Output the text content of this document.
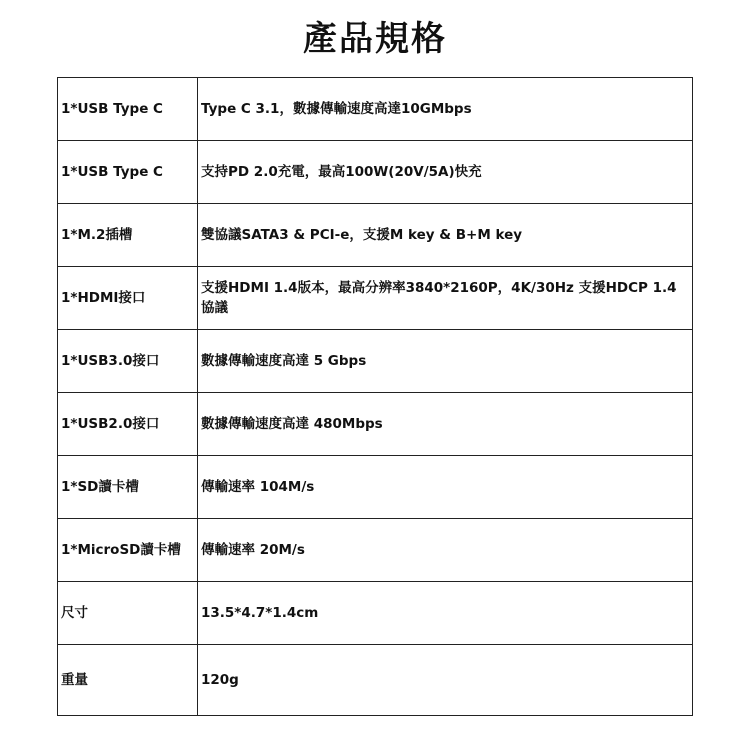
產品規格
1*USB Type C	Type C 3.1，數據傳輸速度高達10GMbps
1*USB Type C	支持PD 2.0充電，最高100W(20V/5A)快充
1*M.2插槽	雙協議SATA3 & PCI-e，支援M key & B+M key
1*HDMI接口	支援HDMI 1.4版本，最高分辨率3840*2160P，4K/30Hz 支援HDCP 1.4協議
1*USB3.0接口	數據傳輸速度高達 5 Gbps
1*USB2.0接口	數據傳輸速度高達 480Mbps
1*SD讀卡槽	傳輸速率 104M/s
1*MicroSD讀卡槽	傳輸速率 20M/s
尺寸	13.5*4.7*1.4cm
重量	120g
